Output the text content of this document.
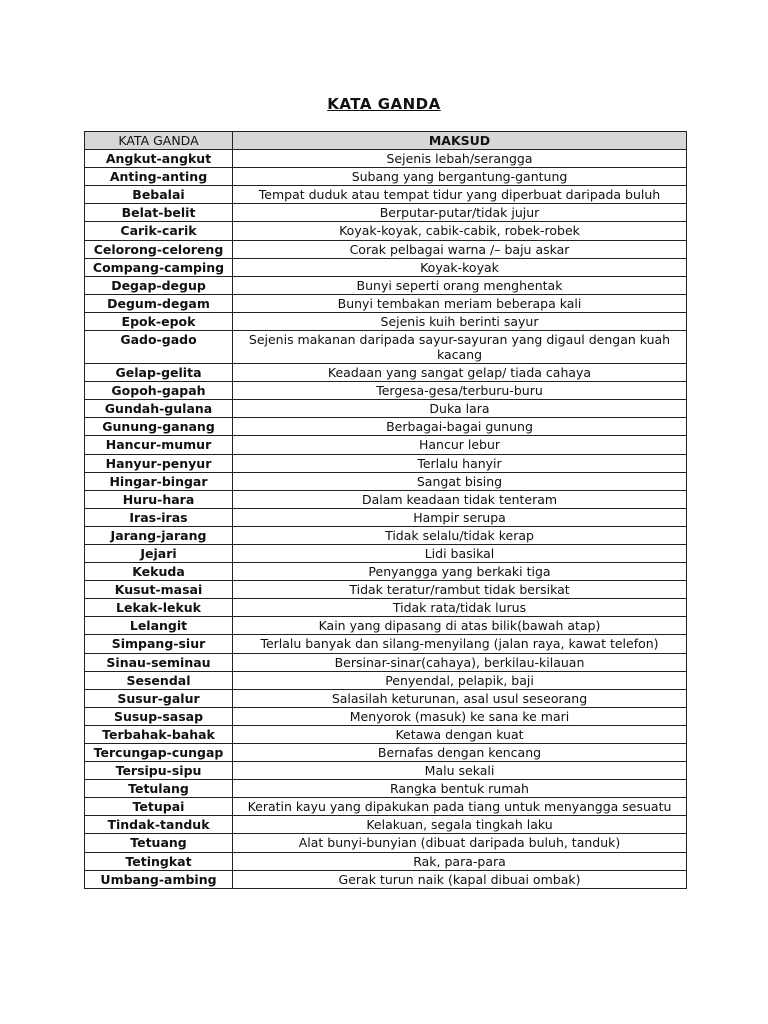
KATA GANDA
KATA GANDA	MAKSUD
Angkut-angkut	Sejenis lebah/serangga
Anting-anting	Subang yang bergantung-gantung
Bebalai	Tempat duduk atau tempat tidur yang diperbuat daripada buluh
Belat-belit	Berputar-putar/tidak jujur
Carik-carik	Koyak-koyak, cabik-cabik, robek-robek
Celorong-celoreng	Corak pelbagai warna /– baju askar
Compang-camping	Koyak-koyak
Degap-degup	Bunyi seperti orang menghentak
Degum-degam	Bunyi tembakan meriam beberapa kali
Epok-epok	Sejenis kuih berinti sayur
Gado-gado	Sejenis makanan daripada sayur-sayuran yang digaul dengan kuah kacang
Gelap-gelita	Keadaan yang sangat gelap/ tiada cahaya
Gopoh-gapah	Tergesa-gesa/terburu-buru
Gundah-gulana	Duka lara
Gunung-ganang	Berbagai-bagai gunung
Hancur-mumur	Hancur lebur
Hanyur-penyur	Terlalu hanyir
Hingar-bingar	Sangat bising
Huru-hara	Dalam keadaan tidak tenteram
Iras-iras	Hampir serupa
Jarang-jarang	Tidak selalu/tidak kerap
Jejari	Lidi basikal
Kekuda	Penyangga yang berkaki tiga
Kusut-masai	Tidak teratur/rambut tidak bersikat
Lekak-lekuk	Tidak rata/tidak lurus
Lelangit	Kain yang dipasang di atas bilik(bawah atap)
Simpang-siur	Terlalu banyak dan silang-menyilang (jalan raya, kawat telefon)
Sinau-seminau	Bersinar-sinar(cahaya), berkilau-kilauan
Sesendal	Penyendal, pelapik, baji
Susur-galur	Salasilah keturunan, asal usul seseorang
Susup-sasap	Menyorok (masuk) ke sana ke mari
Terbahak-bahak	Ketawa dengan kuat
Tercungap-cungap	Bernafas dengan kencang
Tersipu-sipu	Malu sekali
Tetulang	Rangka bentuk rumah
Tetupai	Keratin kayu yang dipakukan pada tiang untuk menyangga sesuatu
Tindak-tanduk	Kelakuan, segala tingkah laku
Tetuang	Alat bunyi-bunyian (dibuat daripada buluh, tanduk)
Tetingkat	Rak, para-para
Umbang-ambing	Gerak turun naik (kapal dibuai ombak)
